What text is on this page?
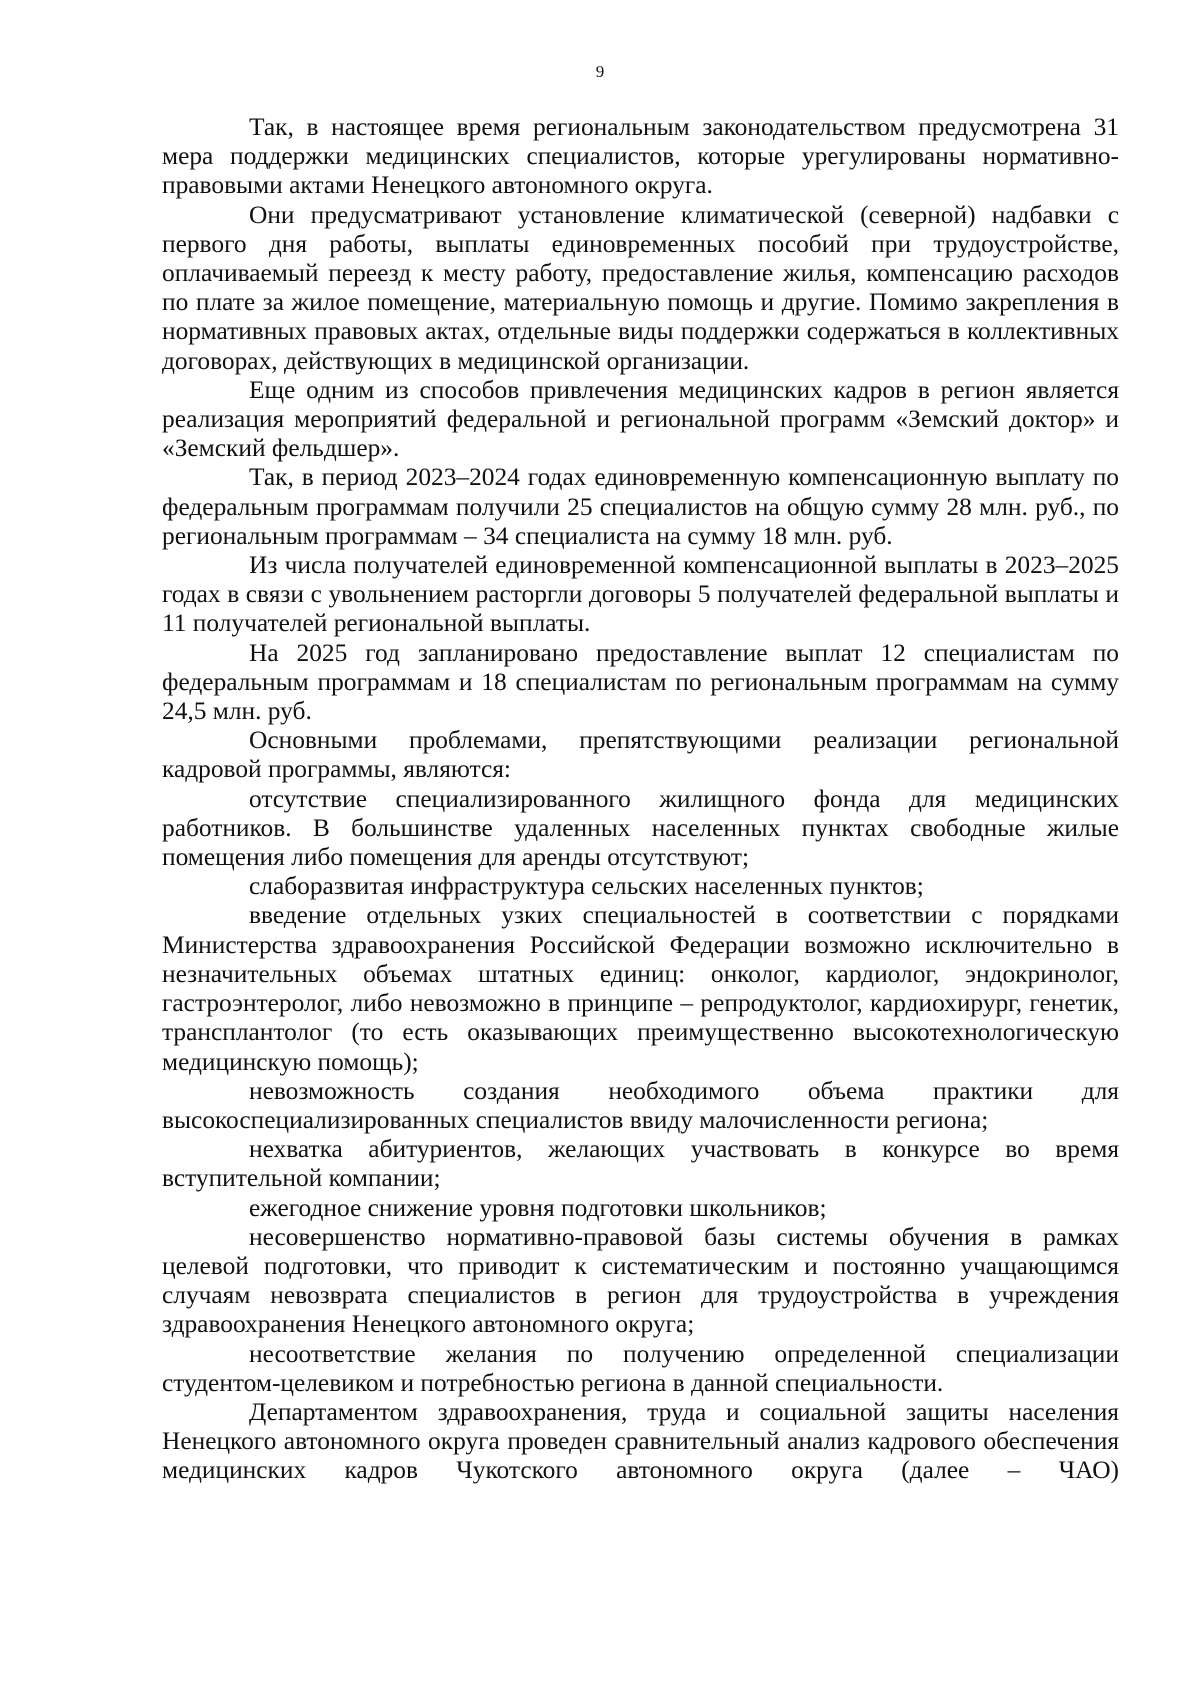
9

Так, в настоящее время региональным законодательством предусмотрена 31 мера поддержки медицинских специалистов, которые урегулированы нормативно-правовыми актами Ненецкого автономного округа.

Они предусматривают установление климатической (северной) надбавки с первого дня работы, выплаты единовременных пособий при трудоустройстве, оплачиваемый переезд к месту работу, предоставление жилья, компенсацию расходов по плате за жилое помещение, материальную помощь и другие. Помимо закрепления в нормативных правовых актах, отдельные виды поддержки содержаться в коллективных договорах, действующих в медицинской организации.

Еще одним из способов привлечения медицинских кадров в регион является реализация мероприятий федеральной и региональной программ «Земский доктор» и «Земский фельдшер».

Так, в период 2023–2024 годах единовременную компенсационную выплату по федеральным программам получили 25 специалистов на общую сумму 28 млн. руб., по региональным программам – 34 специалиста на сумму 18 млн. руб.

Из числа получателей единовременной компенсационной выплаты в 2023–2025 годах в связи с увольнением расторгли договоры 5 получателей федеральной выплаты и 11 получателей региональной выплаты.

На 2025 год запланировано предоставление выплат 12 специалистам по федеральным программам и 18 специалистам по региональным программам на сумму 24,5 млн. руб.

Основными проблемами, препятствующими реализации региональной кадровой программы, являются:

отсутствие специализированного жилищного фонда для медицинских работников. В большинстве удаленных населенных пунктах свободные жилые помещения либо помещения для аренды отсутствуют;

слаборазвитая инфраструктура сельских населенных пунктов;

введение отдельных узких специальностей в соответствии с порядками Министерства здравоохранения Российской Федерации возможно исключительно в незначительных объемах штатных единиц: онколог, кардиолог, эндокринолог, гастроэнтеролог, либо невозможно в принципе – репродуктолог, кардиохирург, генетик, трансплантолог (то есть оказывающих преимущественно высокотехнологическую медицинскую помощь);

невозможность создания необходимого объема практики для высокоспециализированных специалистов ввиду малочисленности региона;

нехватка абитуриентов, желающих участвовать в конкурсе во время вступительной компании;

ежегодное снижение уровня подготовки школьников;

несовершенство нормативно-правовой базы системы обучения в рамках целевой подготовки, что приводит к систематическим и постоянно учащающимся случаям невозврата специалистов в регион для трудоустройства в учреждения здравоохранения Ненецкого автономного округа;

несоответствие желания по получению определенной специализации студентом-целевиком и потребностью региона в данной специальности.

Департаментом здравоохранения, труда и социальной защиты населения Ненецкого автономного округа проведен сравнительный анализ кадрового обеспечения медицинских кадров Чукотского автономного округа (далее – ЧАО)
